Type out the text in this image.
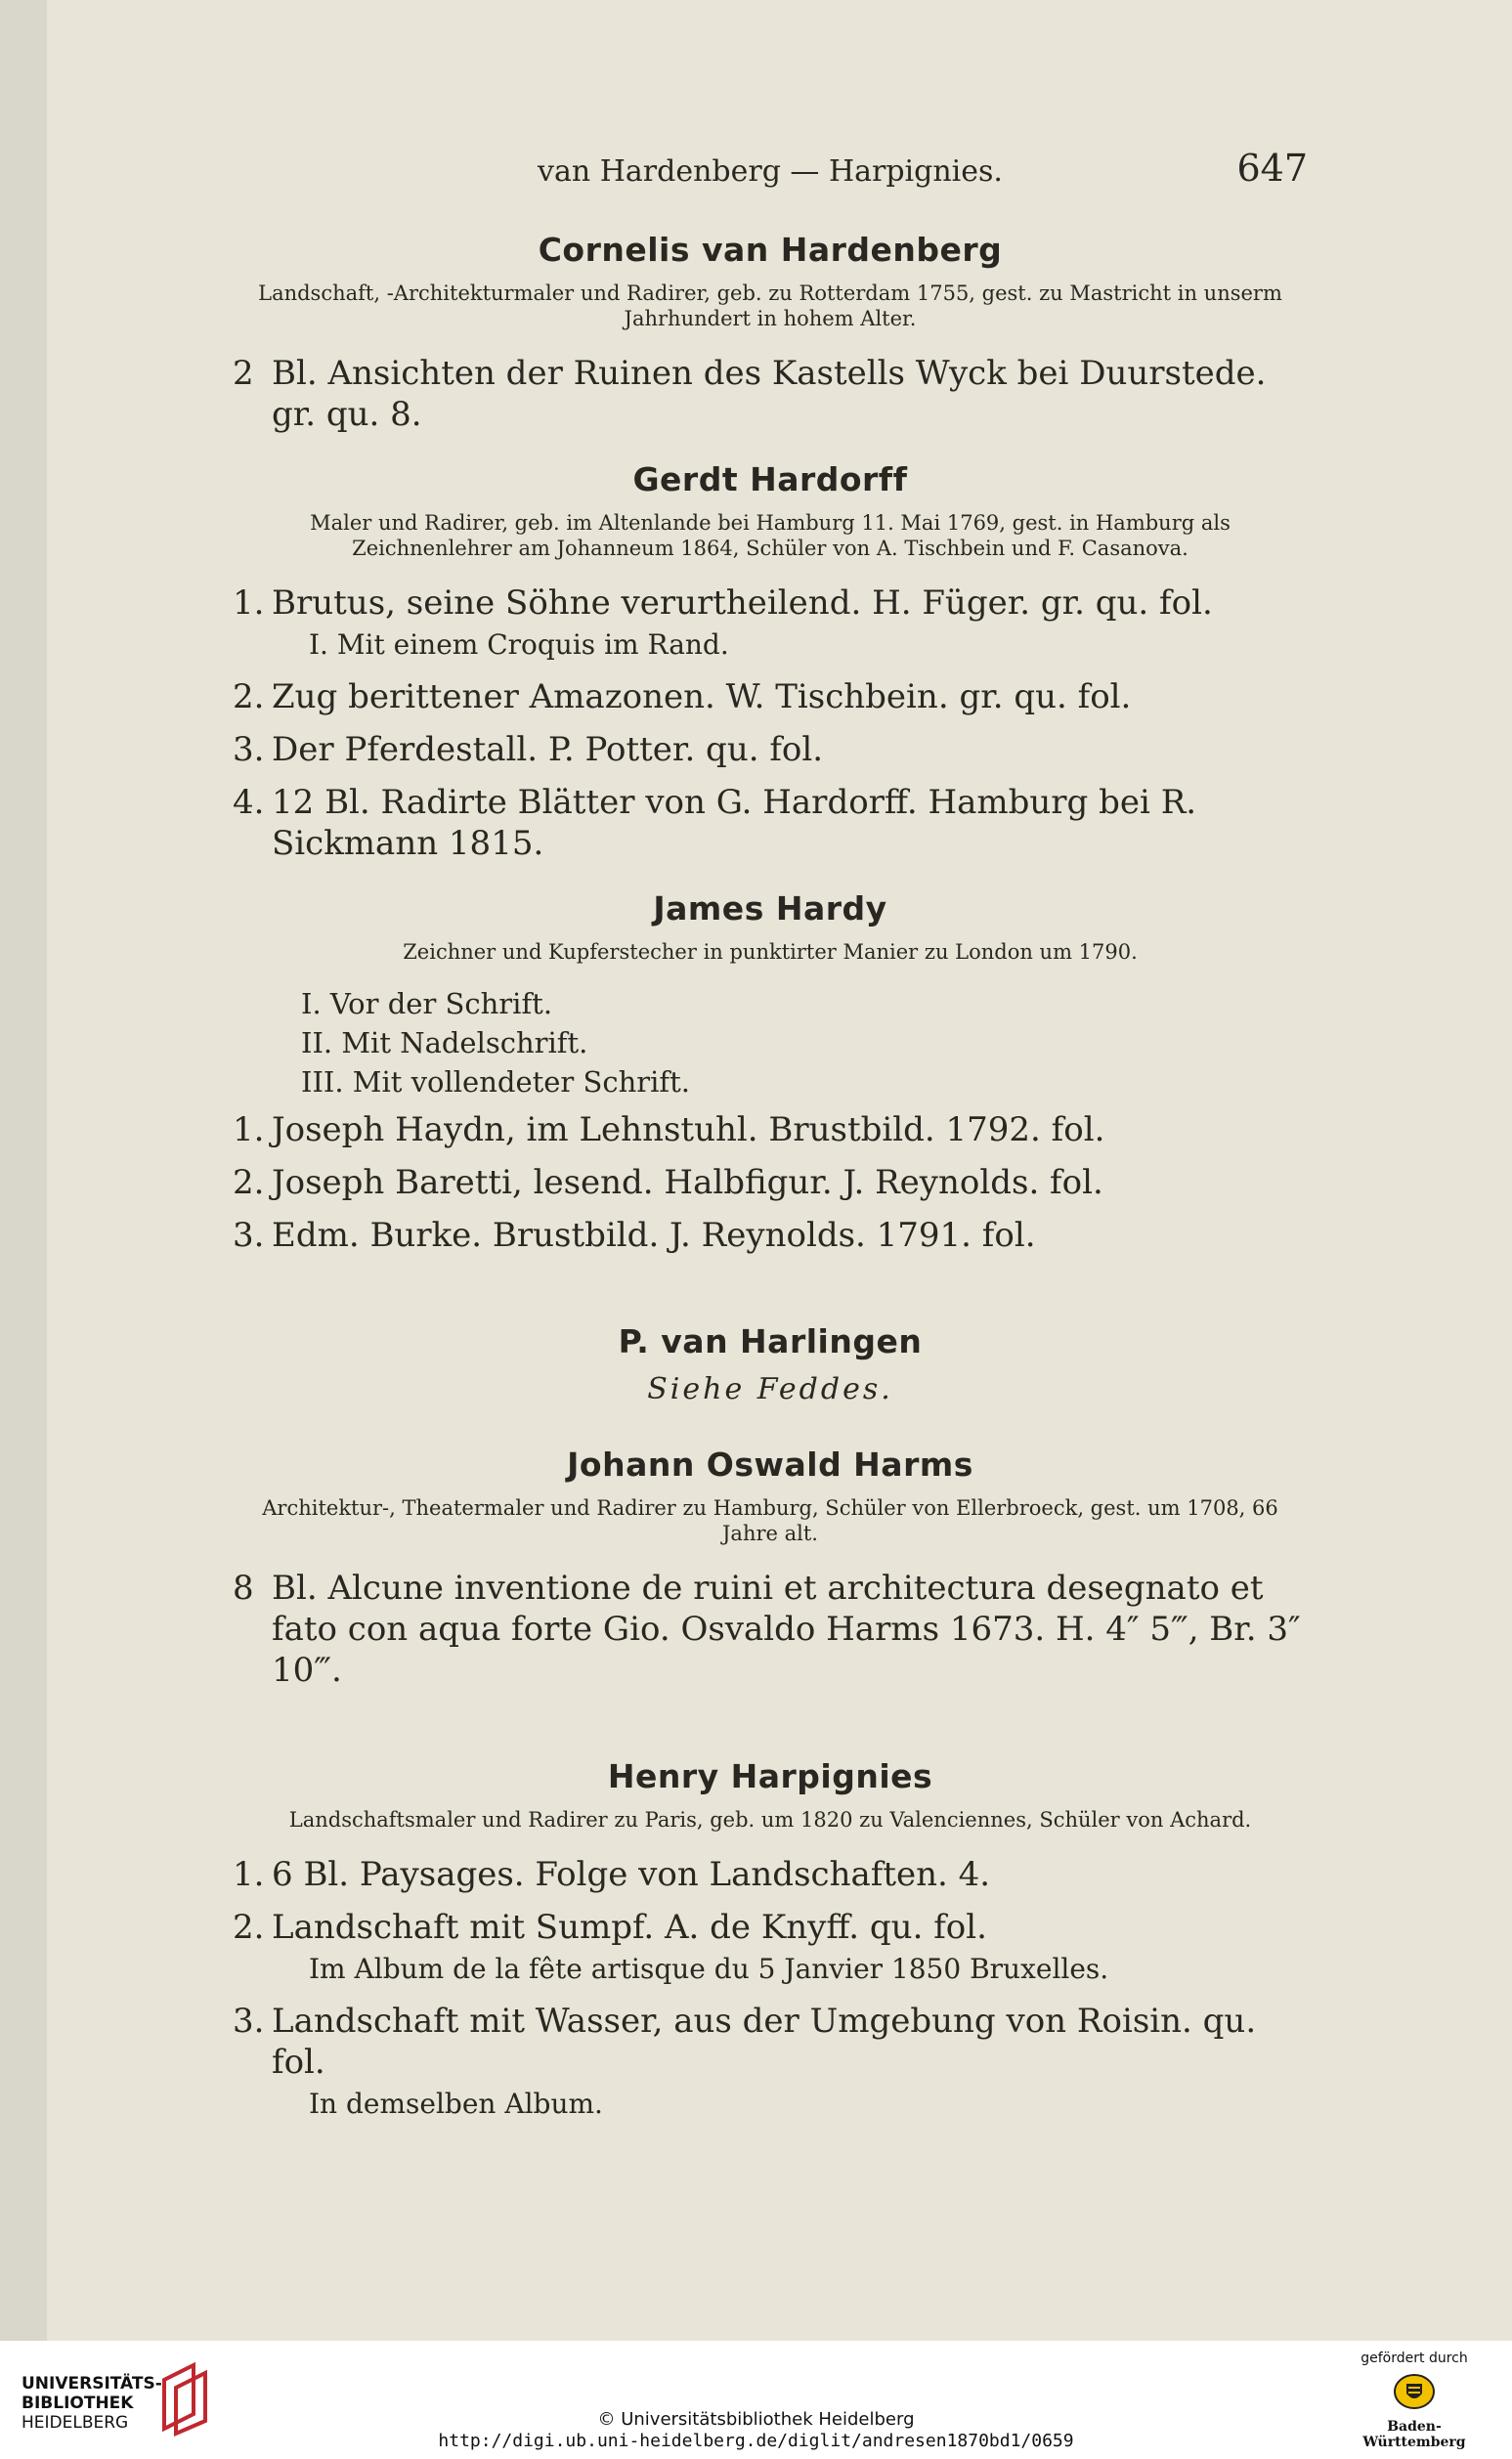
van Hardenberg — Harpignies.	647
Cornelis van Hardenberg
Landschaft, -Architekturmaler und Radirer, geb. zu Rotterdam 1755, gest. zu Mastricht in unserm Jahrhundert in hohem Alter.
2 Bl. Ansichten der Ruinen des Kastells Wyck bei Duurstede. gr. qu. 8.
Gerdt Hardorff
Maler und Radirer, geb. im Altenlande bei Hamburg 11. Mai 1769, gest. in Hamburg als Zeichnenlehrer am Johanneum 1864, Schüler von A. Tischbein und F. Casanova.
1. Brutus, seine Söhne verurtheilend. H. Füger. gr. qu. fol.
I. Mit einem Croquis im Rand.
2. Zug berittener Amazonen. W. Tischbein. gr. qu. fol.
3. Der Pferdestall. P. Potter. qu. fol.
4. 12 Bl. Radirte Blätter von G. Hardorff. Hamburg bei R. Sickmann 1815.
James Hardy
Zeichner und Kupferstecher in punktirter Manier zu London um 1790.
I. Vor der Schrift.
II. Mit Nadelschrift.
III. Mit vollendeter Schrift.
1. Joseph Haydn, im Lehnstuhl. Brustbild. 1792. fol.
2. Joseph Baretti, lesend. Halbfigur. J. Reynolds. fol.
3. Edm. Burke. Brustbild. J. Reynolds. 1791. fol.
P. van Harlingen
Siehe Feddes.
Johann Oswald Harms
Architektur-, Theatermaler und Radirer zu Hamburg, Schüler von Ellerbroeck, gest. um 1708, 66 Jahre alt.
8 Bl. Alcune inventione de ruini et architectura desegnato et fato con aqua forte Gio. Osvaldo Harms 1673. H. 4″ 5‴, Br. 3″ 10‴.
Henry Harpignies
Landschaftsmaler und Radirer zu Paris, geb. um 1820 zu Valenciennes, Schüler von Achard.
1. 6 Bl. Paysages. Folge von Landschaften. 4.
2. Landschaft mit Sumpf. A. de Knyff. qu. fol.
Im Album de la fête artisque du 5 Janvier 1850 Bruxelles.
3. Landschaft mit Wasser, aus der Umgebung von Roisin. qu. fol.
In demselben Album.
UNIVERSITÄTS-
BIBLIOTHEK
HEIDELBERG	© Universitätsbibliothek Heidelberg
http://digi.ub.uni-heidelberg.de/diglit/andresen1870bd1/0659
gefördert durch
Baden-Württemberg
